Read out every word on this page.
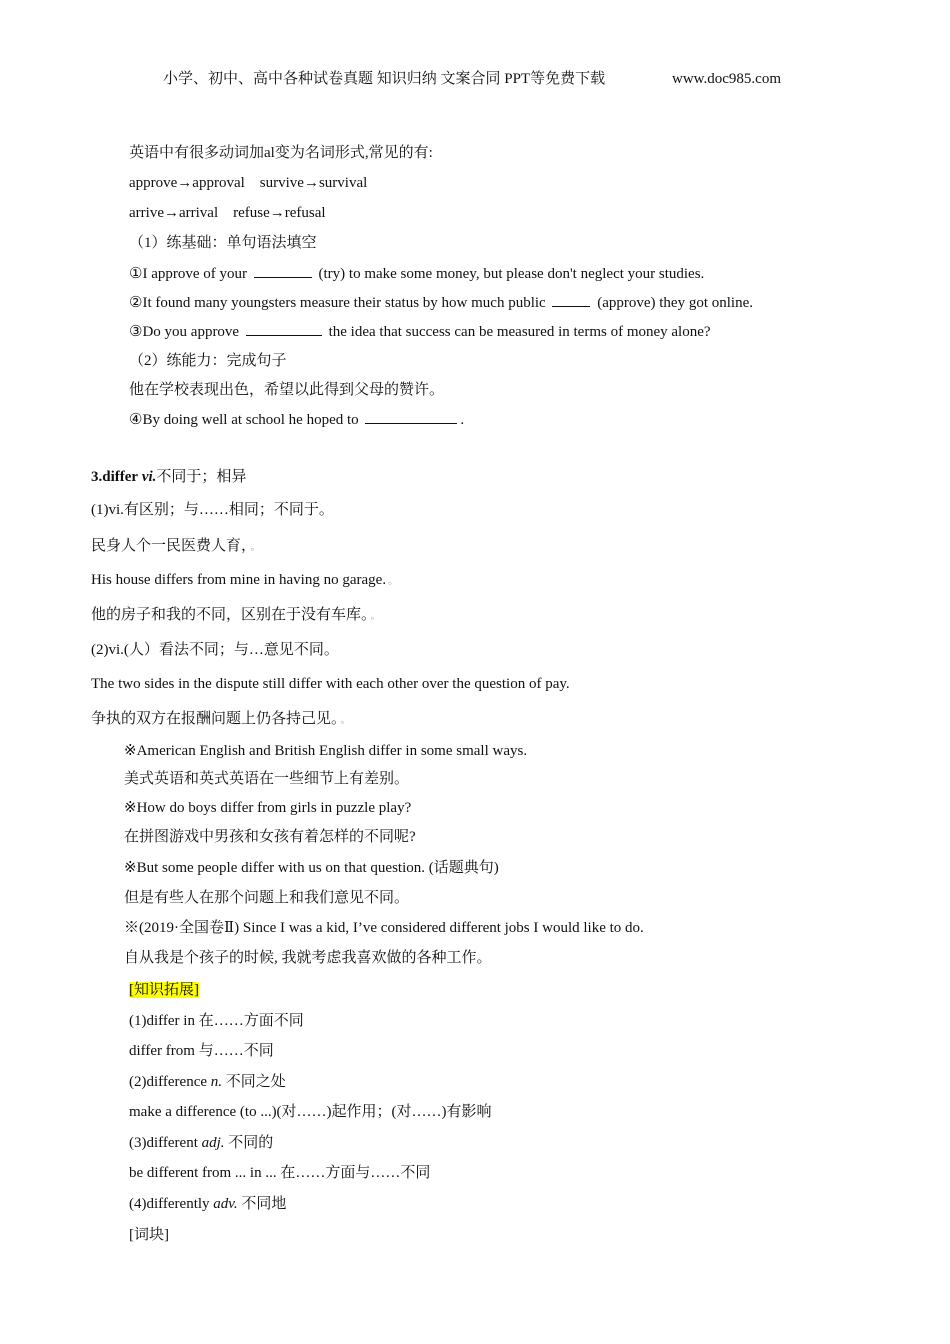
小学、初中、高中各种试卷真题 知识归纳 文案合同 PPT等免费下载	www.doc985.com
英语中有很多动词加al变为名词形式,常见的有:
approve→approval　survive→survival
arrive→arrival　refuse→refusal
（1）练基础：单句语法填空
①I approve of your	(try) to make some money, but please don't neglect your studies.
②It found many youngsters measure their status by how much public	(approve) they got online.
③Do you approve	the idea that success can be measured in terms of money alone?
（2）练能力：完成句子
他在学校表现出色，希望以此得到父母的赞许。
④By doing well at school he hoped to	.
3.differ vi.不同于；相异
(1)vi.有区别；与……相同；不同于。
民身人个一民医费人育， 。
His house differs from mine in having no garage. 。
他的房子和我的不同，区别在于没有车库。 。
(2)vi.(人）看法不同；与…意见不同。
The two sides in the dispute still differ with each other over the question of pay.
争执的双方在报酬问题上仍各持己见。 。
※American English and British English differ in some small ways.
美式英语和英式英语在一些细节上有差别。
※How do boys differ from girls in puzzle play?
在拼图游戏中男孩和女孩有着怎样的不同呢?
※But some people differ with us on that question. (话题典句)
但是有些人在那个问题上和我们意见不同。
※(2019·全国卷Ⅱ) Since I was a kid, I’ve considered different jobs I would like to do.
自从我是个孩子的时候, 我就考虑我喜欢做的各种工作。
[知识拓展]
(1)differ in 在……方面不同
differ from 与……不同
(2)difference n. 不同之处
make a difference (to ...)(对……)起作用；(对……)有影响
(3)different adj. 不同的
be different from ... in ... 在……方面与……不同
(4)differently adv. 不同地
[词块]
